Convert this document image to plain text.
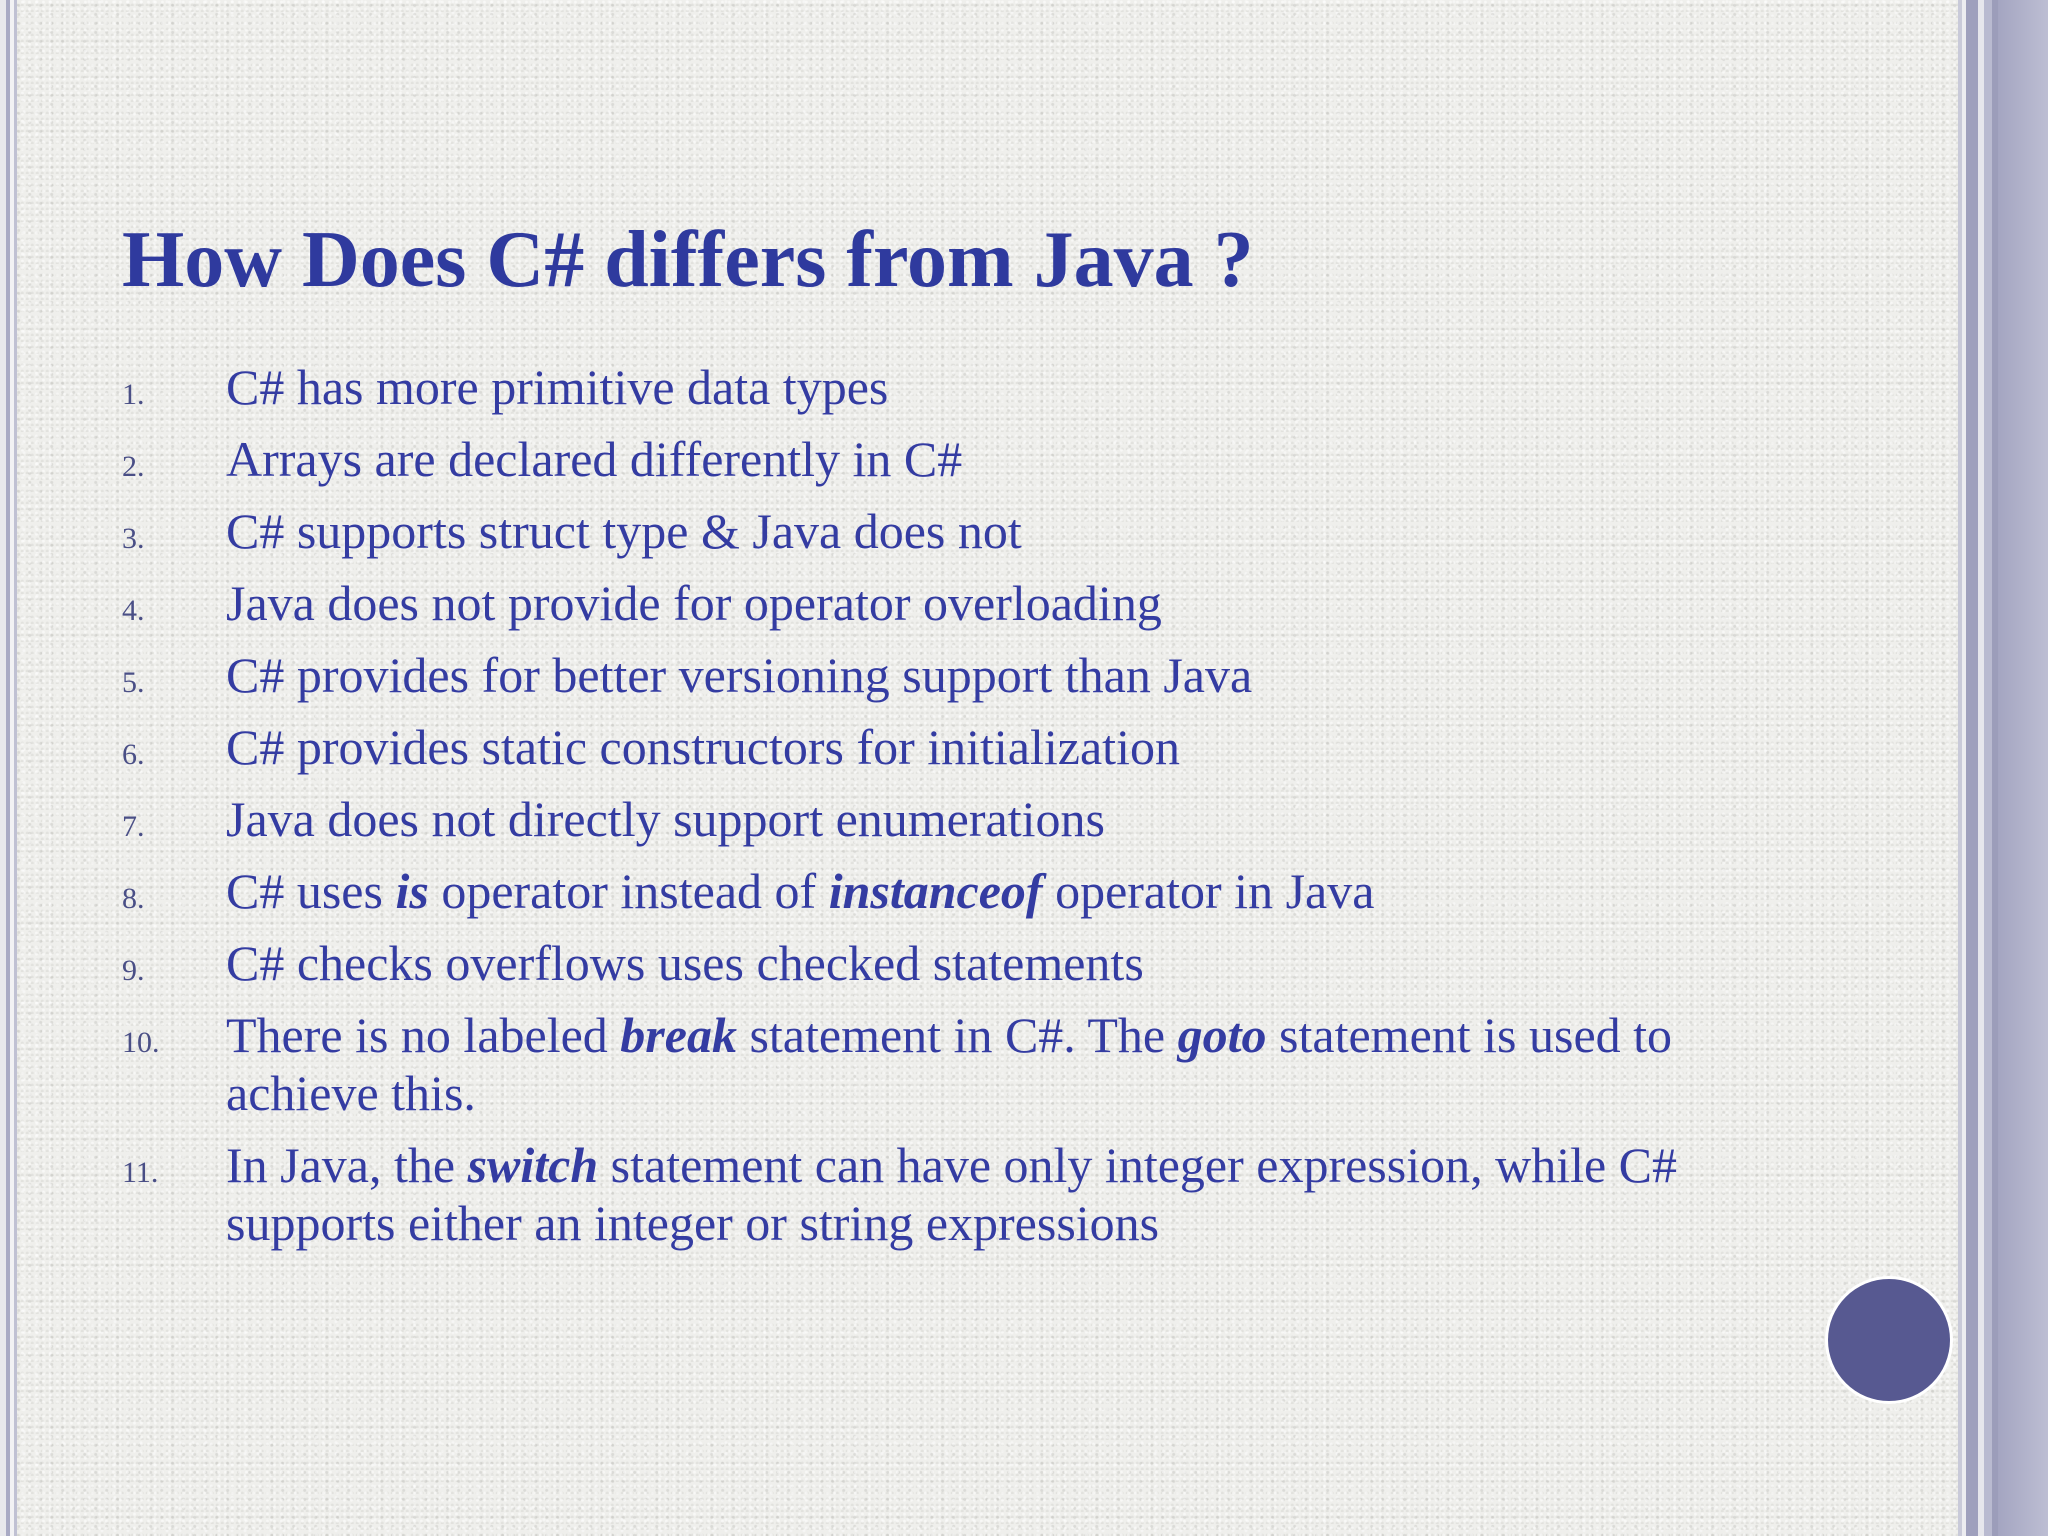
How Does C# differs from Java ?
1.	C# has more primitive data types
2.	Arrays are declared differently in C#
3.	C# supports struct type & Java does not
4.	Java does not provide for operator overloading
5.	C# provides for better versioning support than Java
6.	C# provides static constructors for initialization
7.	Java does not directly support enumerations
8.	C# uses is operator instead of instanceof operator in Java
9.	C# checks overflows uses checked statements
10.	There is no labeled break statement in C#. The goto statement is used to achieve this.
11.	In Java, the switch statement can have only integer expression, while C# supports either an integer or string expressions
